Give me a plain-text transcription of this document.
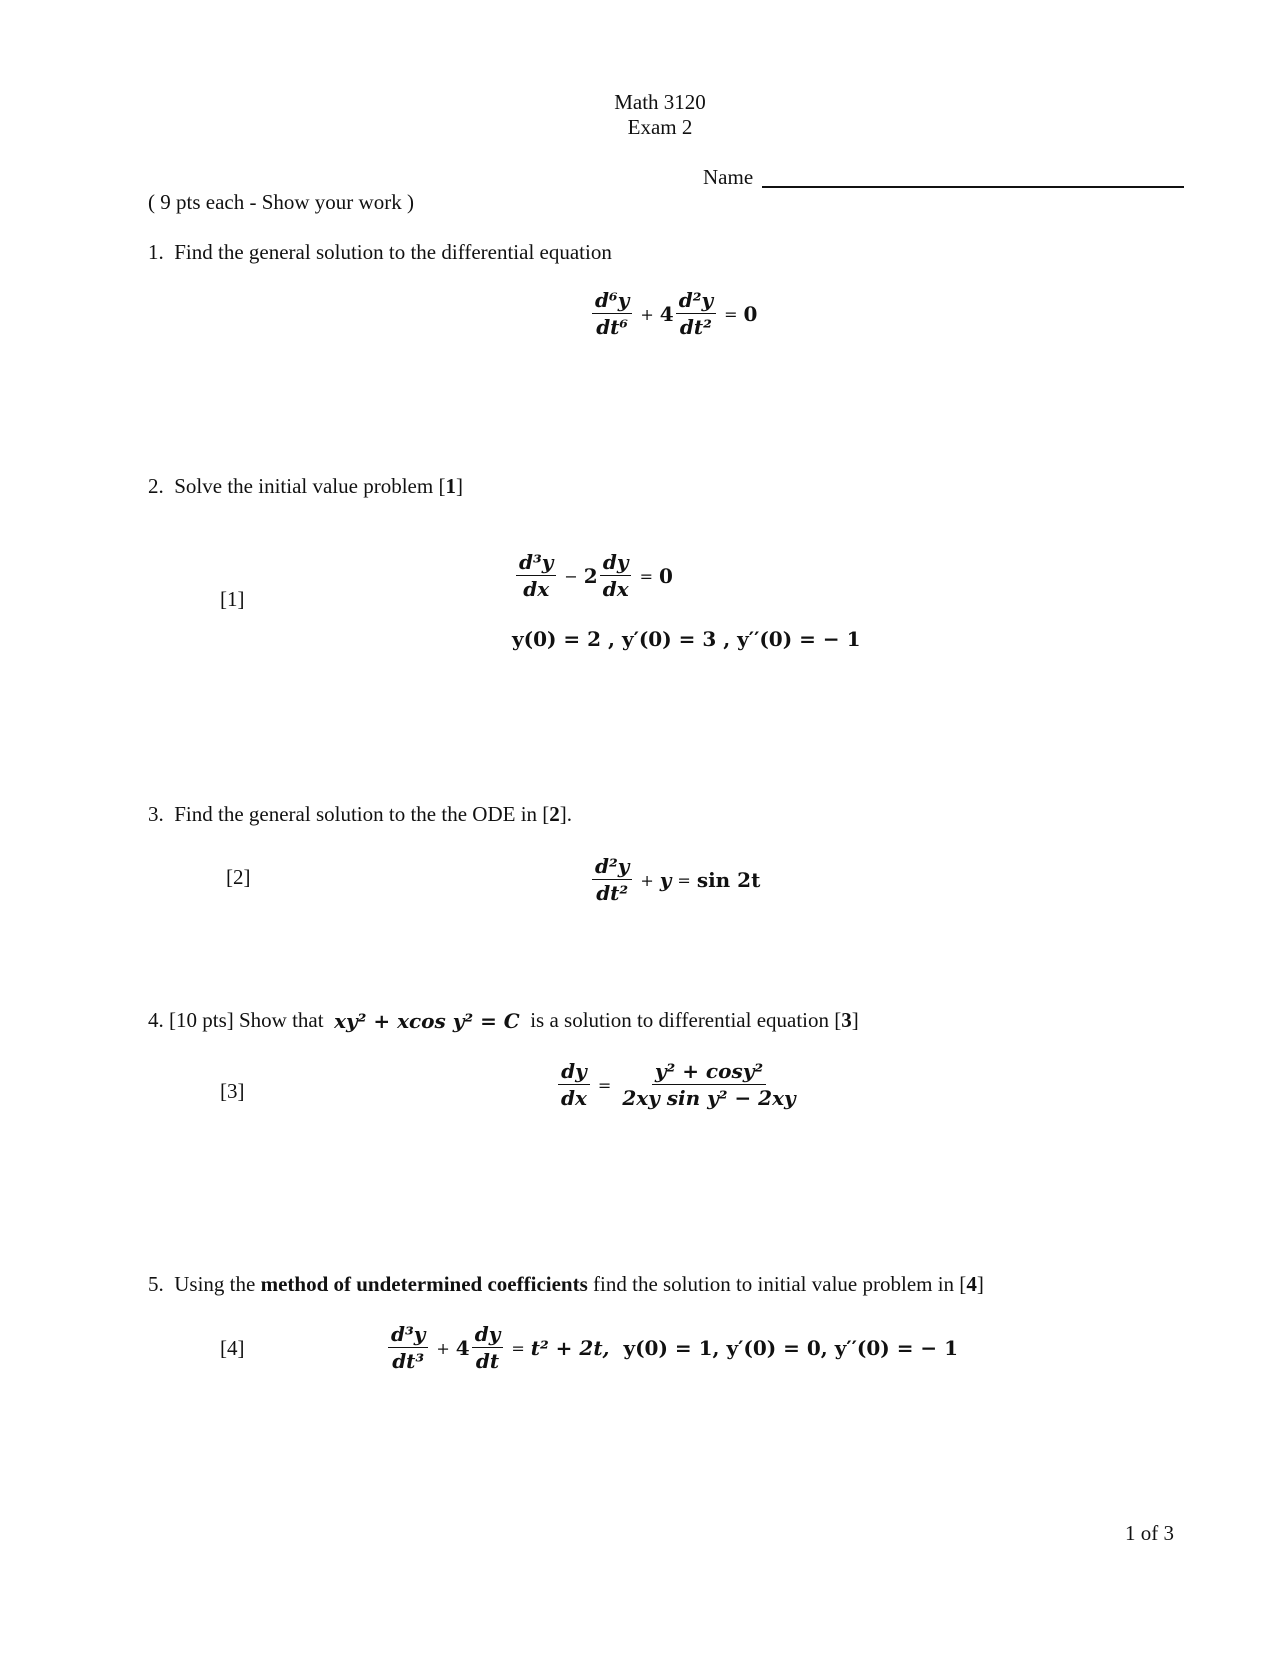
Math 3120
Exam 2
Name
( 9 pts each - Show your work )
1. Find the general solution to the differential equation
$\frac{\text{d⁶y}}{\text{dt⁶}} + 4 \frac{\text{d²y}}{\text{dt²}} = 0$
2. Solve the initial value problem [1]
[1]	$\frac{\text{d³y}}{dx} - 2 \frac{dy}{dx} = 0$
y(0) = 2 , y′(0) = 3 , y′′(0) = − 1
3. Find the general solution to the the ODE in [2].
[2]	$\frac{\text{d²y}}{\text{dt²}} + y = \sin 2t$
4.
[10 pts] Show that
xy² + xcos y² = C
is a solution to differential equation [ 3 ]
[3]	$\frac{dy}{dx} = \frac{\text{y² + cosy²}}{\text{2xy sin y² − 2xy}}$
5. Using the method of undetermined coefficients find the solution to initial value problem in [4]
[4]	$\frac{\text{d³y}}{\text{dt³}} + 4 \frac{dy}{dt} = t^2 + 2t$,
y(0) = 1, y′(0) = 0, y′′(0) = − 1
1 of 3
